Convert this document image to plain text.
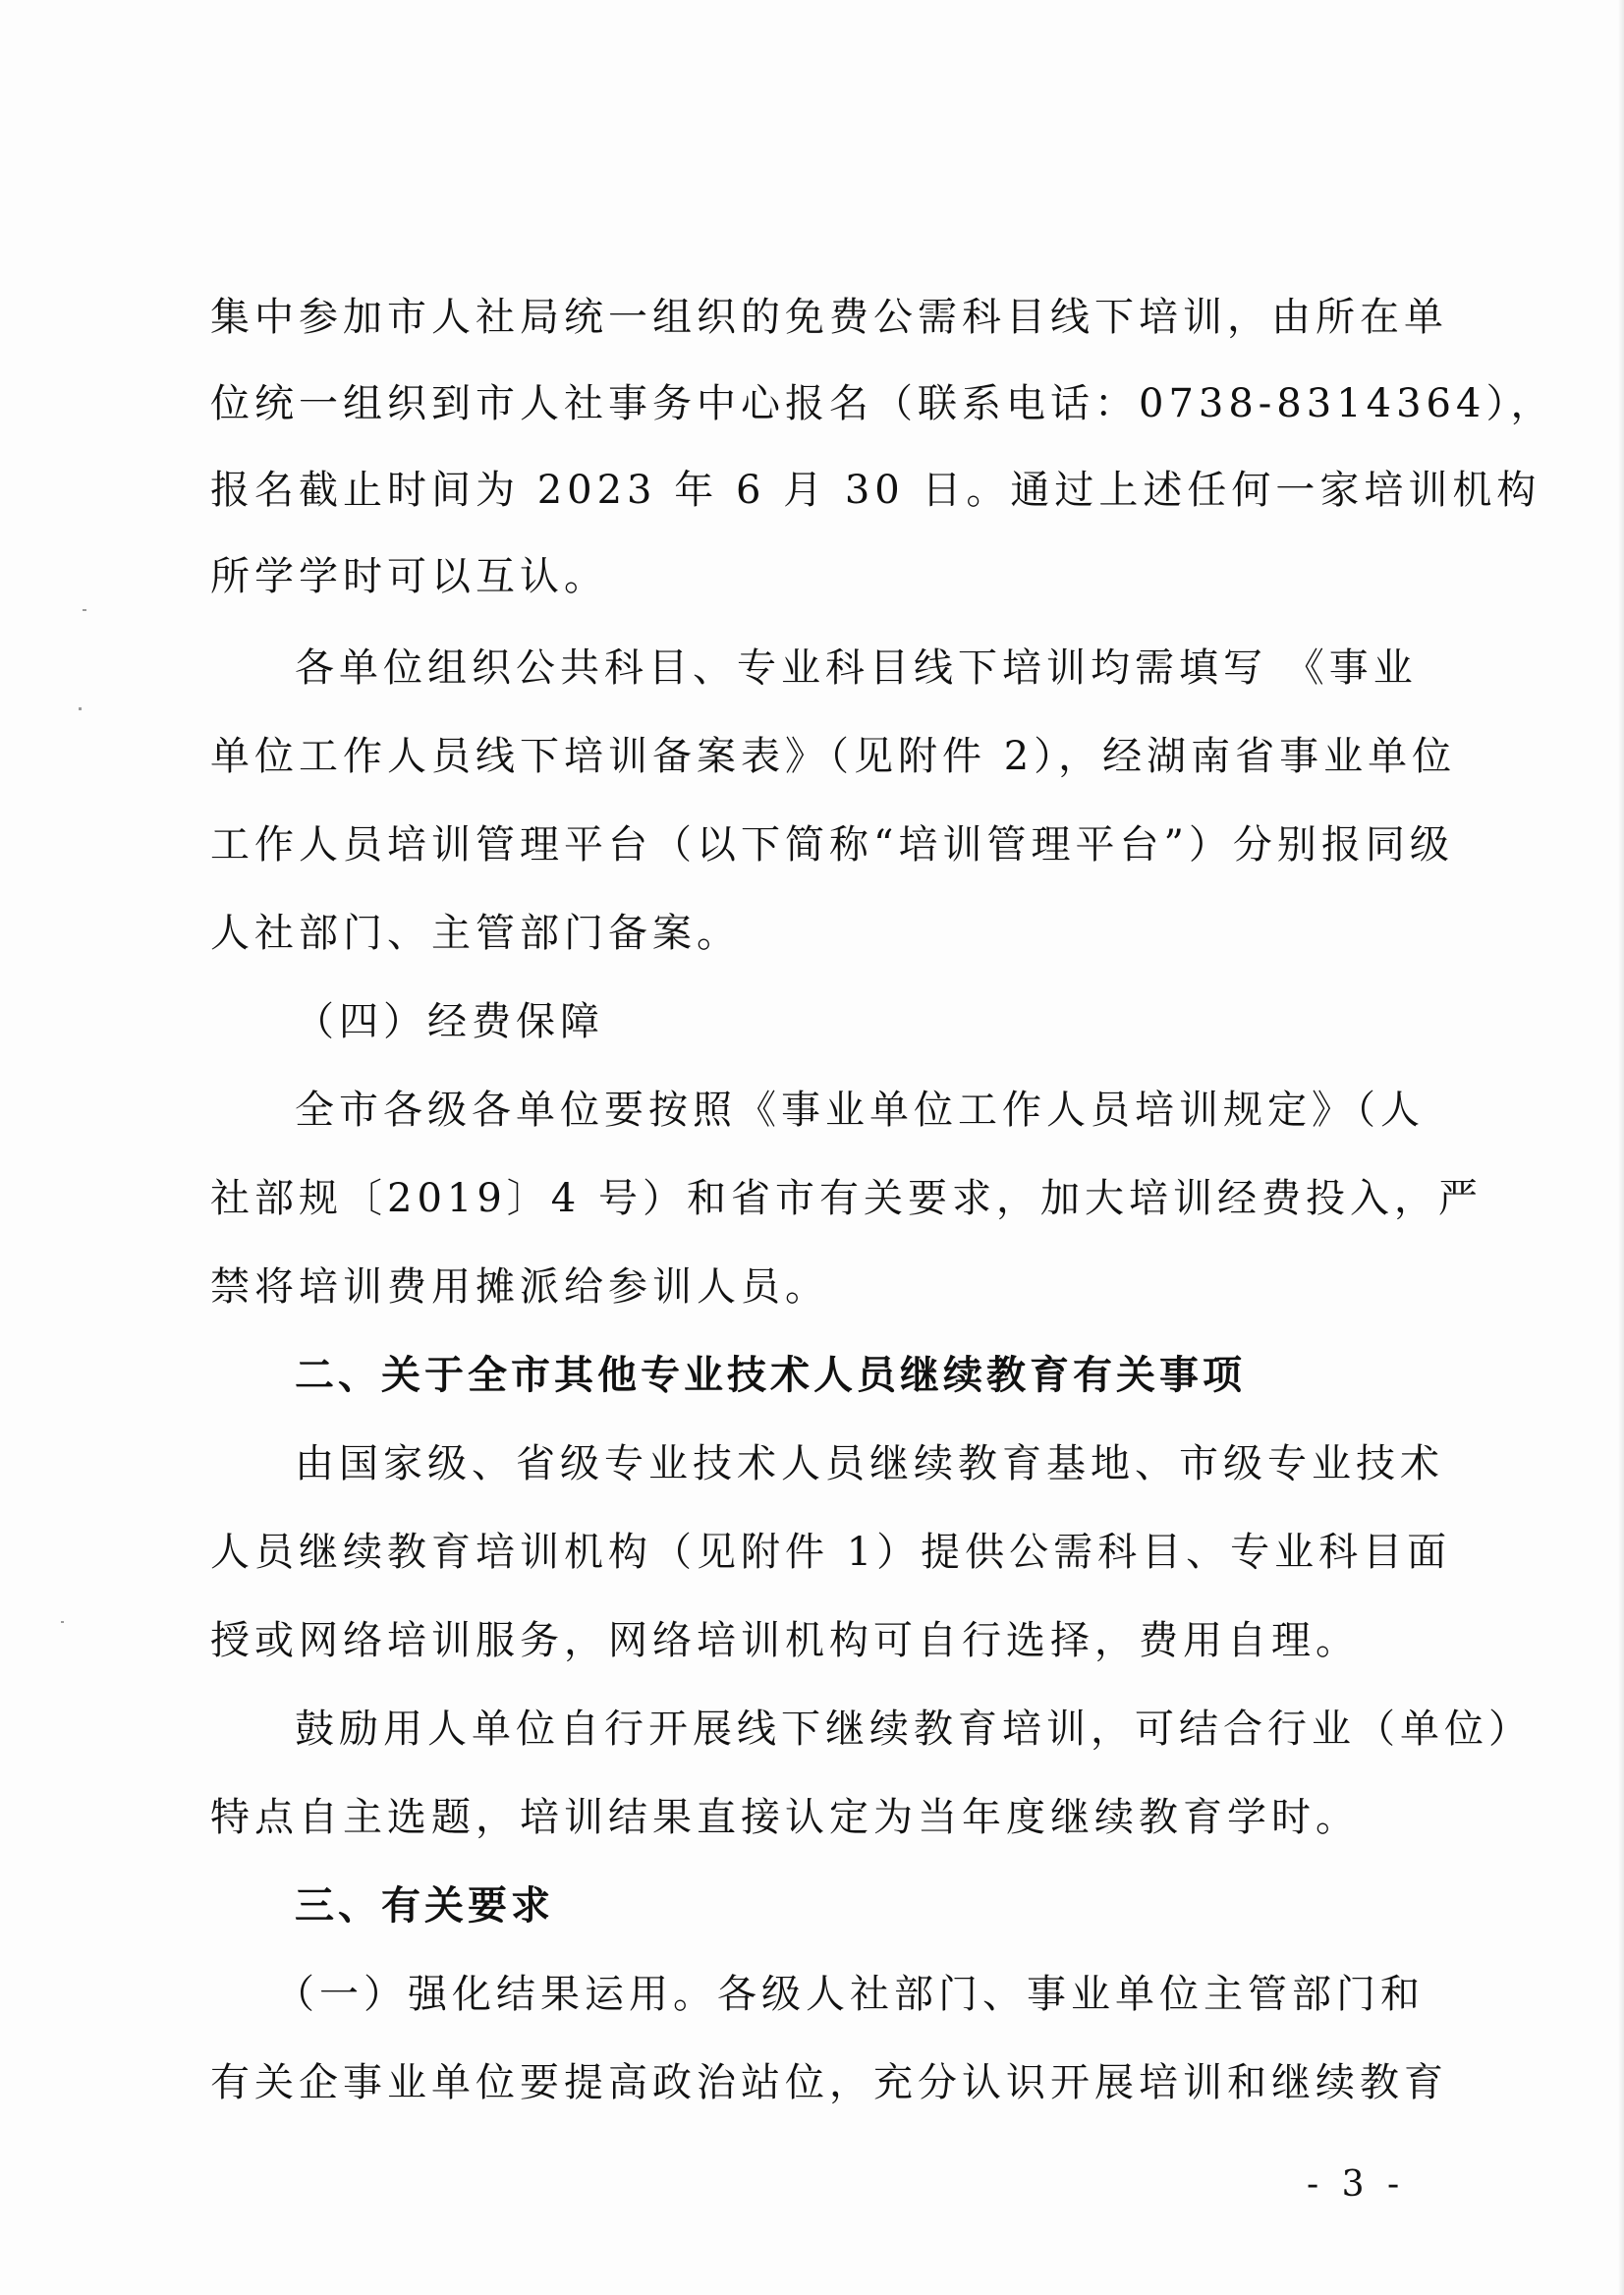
集中参加市人社局统一组织的免费公需科目线下培训，由所在单
位统一组织到市人社事务中心报名（联系电话：0738-8314364），
报名截止时间为 2023 年 6 月 30 日。通过上述任何一家培训机构
所学学时可以互认。
各单位组织公共科目、专业科目线下培训均需填写 《事业
单位工作人员线下培训备案表》（见附件 2），经湖南省事业单位
工作人员培训管理平台（以下简称“培训管理平台”）分别报同级
人社部门、主管部门备案。
（四）经费保障
全市各级各单位要按照《事业单位工作人员培训规定》（人
社部规〔2019〕4 号）和省市有关要求，加大培训经费投入，严
禁将培训费用摊派给参训人员。
二、关于全市其他专业技术人员继续教育有关事项
由国家级、省级专业技术人员继续教育基地、市级专业技术
人员继续教育培训机构（见附件 1）提供公需科目、专业科目面
授或网络培训服务，网络培训机构可自行选择，费用自理。
鼓励用人单位自行开展线下继续教育培训，可结合行业（单位）
特点自主选题，培训结果直接认定为当年度继续教育学时。
三、有关要求
（一）强化结果运用。各级人社部门、事业单位主管部门和
有关企事业单位要提高政治站位，充分认识开展培训和继续教育
- 3 -
